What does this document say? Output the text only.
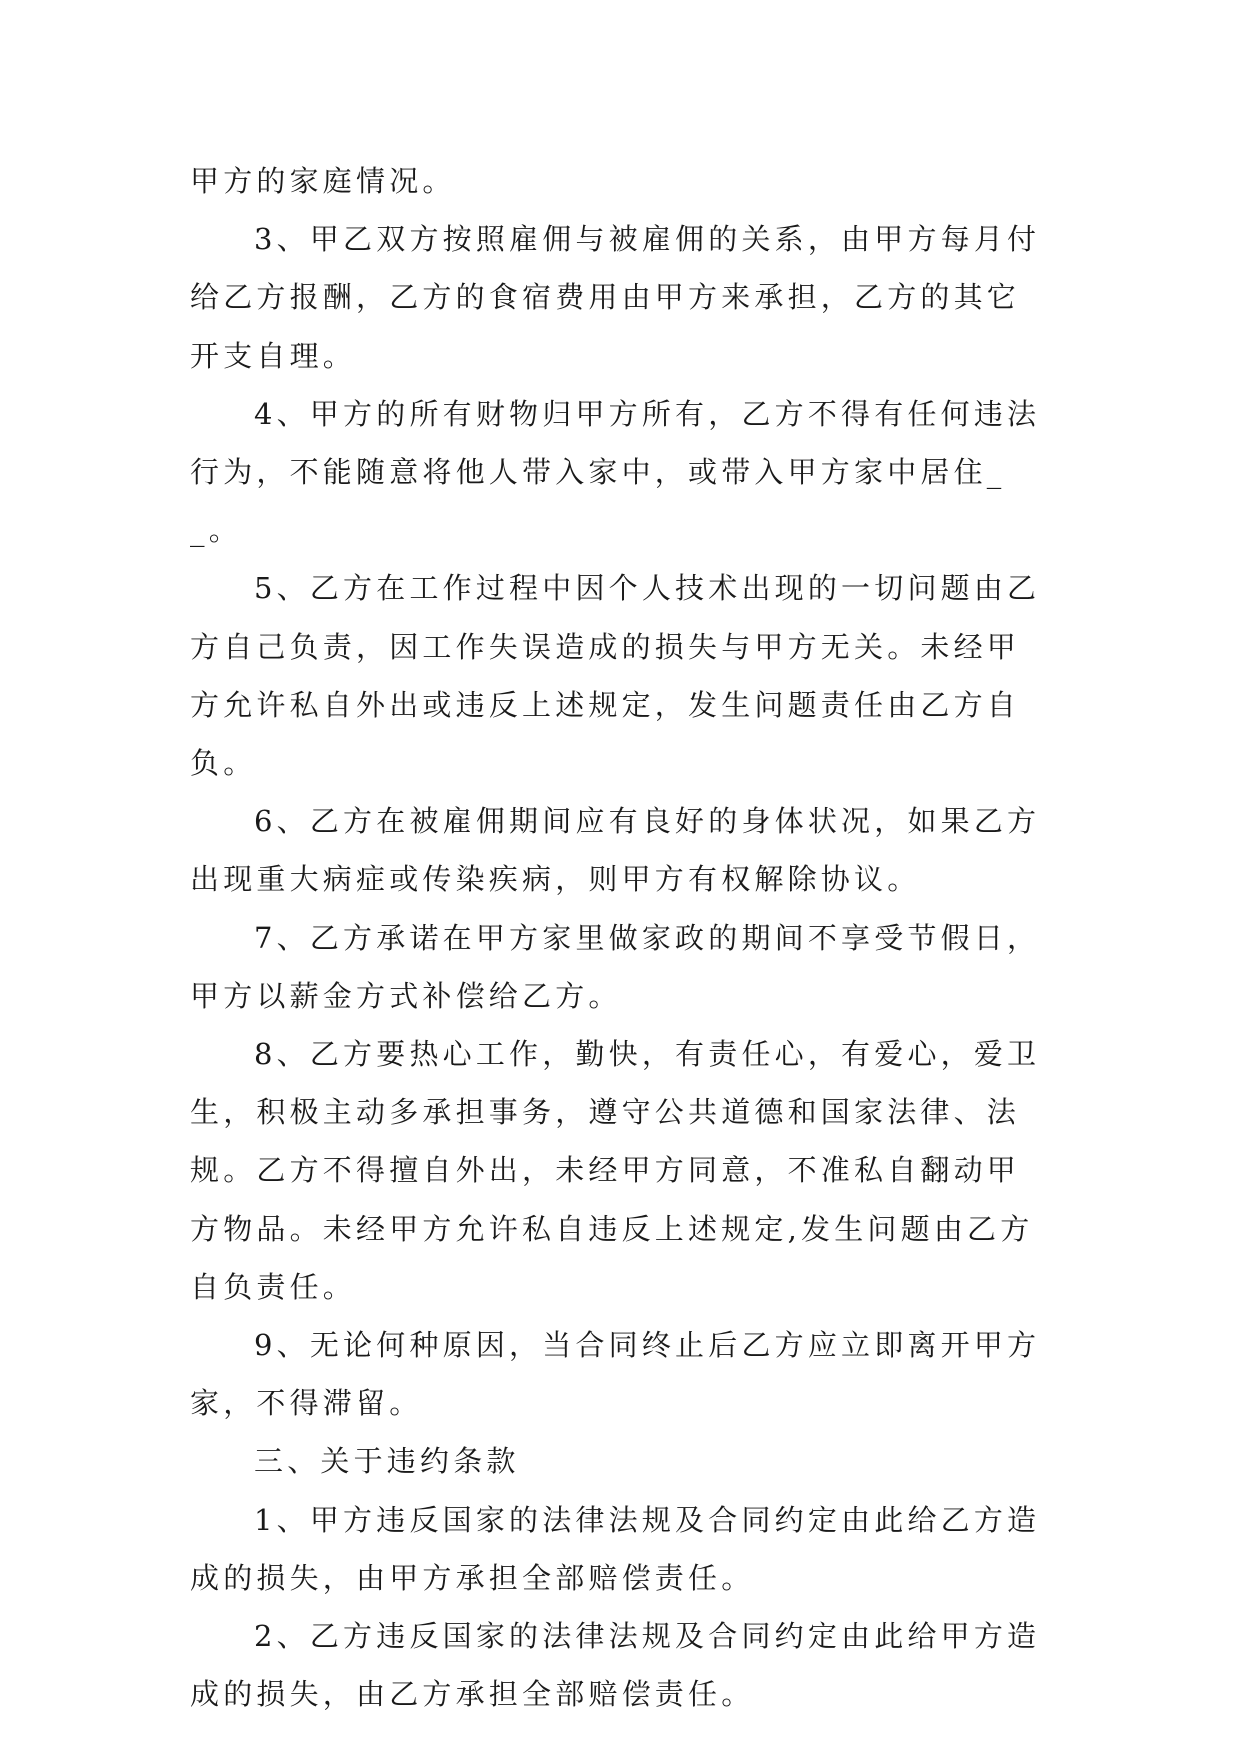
甲方的家庭情况。

3、甲乙双方按照雇佣与被雇佣的关系，由甲方每月付给乙方报酬，乙方的食宿费用由甲方来承担，乙方的其它开支自理。

4、甲方的所有财物归甲方所有，乙方不得有任何违法行为，不能随意将他人带入家中，或带入甲方家中居住__。

5、乙方在工作过程中因个人技术出现的一切问题由乙方自己负责，因工作失误造成的损失与甲方无关。未经甲方允许私自外出或违反上述规定，发生问题责任由乙方自负。

6、乙方在被雇佣期间应有良好的身体状况，如果乙方出现重大病症或传染疾病，则甲方有权解除协议。

7、乙方承诺在甲方家里做家政的期间不享受节假日，甲方以薪金方式补偿给乙方。

8、乙方要热心工作，勤快，有责任心，有爱心，爱卫生，积极主动多承担事务，遵守公共道德和国家法律、法规。乙方不得擅自外出，未经甲方同意，不准私自翻动甲方物品。未经甲方允许私自违反上述规定,发生问题由乙方自负责任。

9、无论何种原因，当合同终止后乙方应立即离开甲方家，不得滞留。

三、关于违约条款

1、甲方违反国家的法律法规及合同约定由此给乙方造成的损失，由甲方承担全部赔偿责任。

2、乙方违反国家的法律法规及合同约定由此给甲方造成的损失，由乙方承担全部赔偿责任。
